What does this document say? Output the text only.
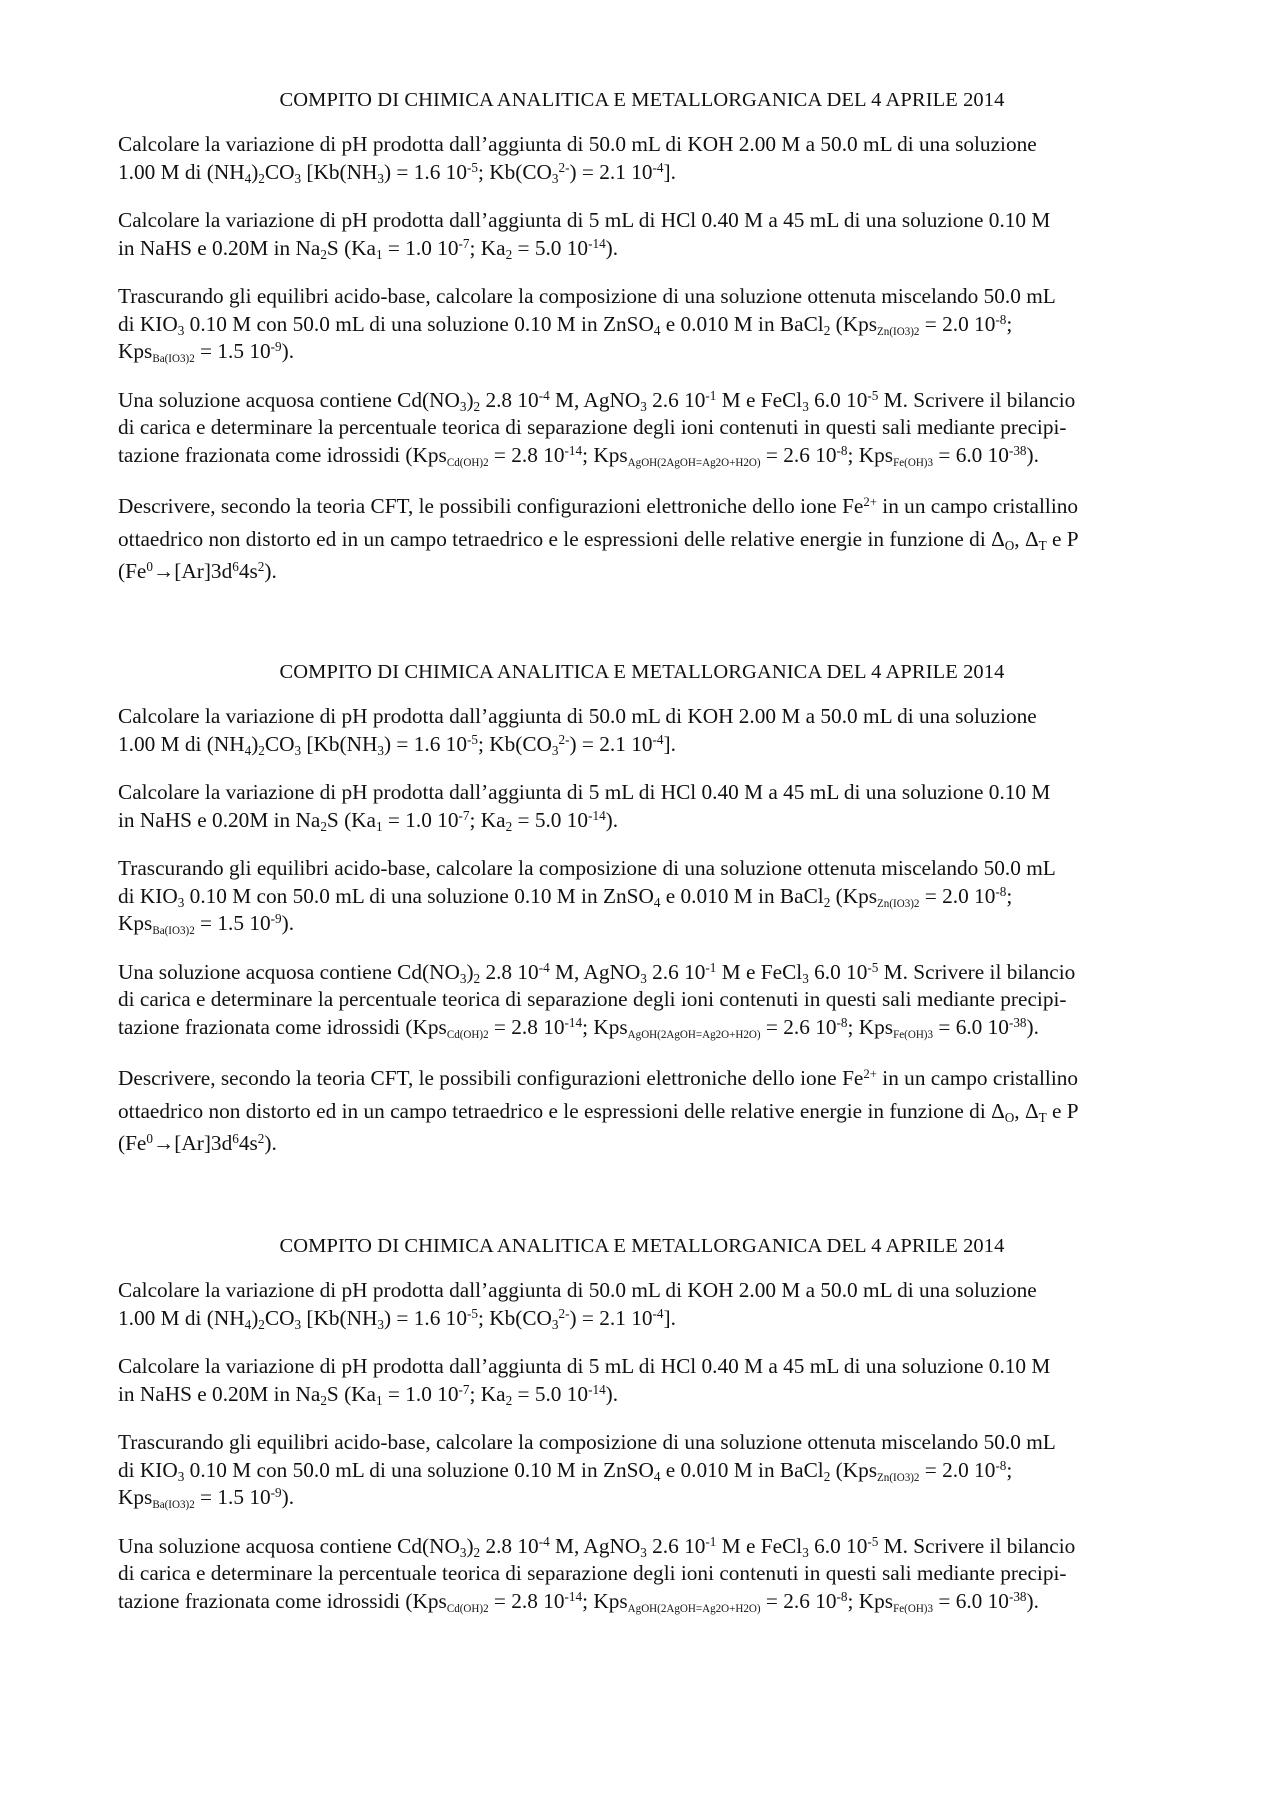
COMPITO DI CHIMICA ANALITICA E METALLORGANICA DEL 4 APRILE 2014

Calcolare la variazione di pH prodotta dall’aggiunta di 50.0 mL di KOH 2.00 M a 50.0 mL di una soluzione
1.00 M di $(NH_4)_2CO_3$ [$Kb(NH_3) = 1.6$ $10^{-5}$; $Kb(CO_3^{2-}) = 2.1$ $10^{-4}$].

Calcolare la variazione di pH prodotta dall’aggiunta di 5 mL di HCl 0.40 M a 45 mL di una soluzione 0.10 M
in NaHS e 0.20M in $Na_2S$ ($Ka_1 = 1.0$ $10^{-7}$; $Ka_2 = 5.0$ $10^{-14}$).

Trascurando gli equilibri acido-base, calcolare la composizione di una soluzione ottenuta miscelando 50.0 mL
di $KIO_3$ 0.10 M con 50.0 mL di una soluzione 0.10 M in ZnSO$_4$ e 0.010 M in BaCl$_2$ (KpsZn(IO3)2 = 2.0 $10^{-8}$;
KpsBa(IO3)2 = 1.5 $10^{-9}$).

Una soluzione acquosa contiene $Cd(NO_3)_2$ 2.8 $10^{-4}$ M, AgNO$_3$ 2.6 $10^{-1}$ M e FeCl$_3$ 6.0 $10^{-5}$ M. Scrivere il bilancio
di carica e determinare la percentuale teorica di separazione degli ioni contenuti in questi sali mediante precipi-
tazione frazionata come idrossidi (KpsCd(OH)2 = 2.8 $10^{-14}$; KpsAgOH(2AgOH=Ag2O+H2O) = 2.6 $10^{-8}$; KpsFe(OH)3 = 6.0 $10^{-38}$).

Descrivere, secondo la teoria CFT, le possibili configurazioni elettroniche dello ione $Fe^{2+}$ in un campo cristallino
ottaedrico non distorto ed in un campo tetraedrico e le espressioni delle relative energie in funzione di $\Delta_O$, $\Delta_T$ e P
$(Fe^0\to[Ar]3d^64s^2)$.

COMPITO DI CHIMICA ANALITICA E METALLORGANICA DEL 4 APRILE 2014

Calcolare la variazione di pH prodotta dall’aggiunta di 50.0 mL di KOH 2.00 M a 50.0 mL di una soluzione
1.00 M di $(NH_4)_2CO_3$ [$Kb(NH_3) = 1.6$ $10^{-5}$; $Kb(CO_3^{2-}) = 2.1$ $10^{-4}$].

Calcolare la variazione di pH prodotta dall’aggiunta di 5 mL di HCl 0.40 M a 45 mL di una soluzione 0.10 M
in NaHS e 0.20M in $Na_2S$ ($Ka_1 = 1.0$ $10^{-7}$; $Ka_2 = 5.0$ $10^{-14}$).

Trascurando gli equilibri acido-base, calcolare la composizione di una soluzione ottenuta miscelando 50.0 mL
di $KIO_3$ 0.10 M con 50.0 mL di una soluzione 0.10 M in ZnSO$_4$ e 0.010 M in BaCl$_2$ (KpsZn(IO3)2 = 2.0 $10^{-8}$;
KpsBa(IO3)2 = 1.5 $10^{-9}$).

Una soluzione acquosa contiene $Cd(NO_3)_2$ 2.8 $10^{-4}$ M, AgNO$_3$ 2.6 $10^{-1}$ M e FeCl$_3$ 6.0 $10^{-5}$ M. Scrivere il bilancio
di carica e determinare la percentuale teorica di separazione degli ioni contenuti in questi sali mediante precipi-
tazione frazionata come idrossidi (KpsCd(OH)2 = 2.8 $10^{-14}$; KpsAgOH(2AgOH=Ag2O+H2O) = 2.6 $10^{-8}$; KpsFe(OH)3 = 6.0 $10^{-38}$).

Descrivere, secondo la teoria CFT, le possibili configurazioni elettroniche dello ione $Fe^{2+}$ in un campo cristallino
ottaedrico non distorto ed in un campo tetraedrico e le espressioni delle relative energie in funzione di $\Delta_O$, $\Delta_T$ e P
$(Fe^0\to[Ar]3d^64s^2)$.

COMPITO DI CHIMICA ANALITICA E METALLORGANICA DEL 4 APRILE 2014

Calcolare la variazione di pH prodotta dall’aggiunta di 50.0 mL di KOH 2.00 M a 50.0 mL di una soluzione
1.00 M di $(NH_4)_2CO_3$ [$Kb(NH_3) = 1.6$ $10^{-5}$; $Kb(CO_3^{2-}) = 2.1$ $10^{-4}$].

Calcolare la variazione di pH prodotta dall’aggiunta di 5 mL di HCl 0.40 M a 45 mL di una soluzione 0.10 M
in NaHS e 0.20M in $Na_2S$ ($Ka_1 = 1.0$ $10^{-7}$; $Ka_2 = 5.0$ $10^{-14}$).

Trascurando gli equilibri acido-base, calcolare la composizione di una soluzione ottenuta miscelando 50.0 mL
di $KIO_3$ 0.10 M con 50.0 mL di una soluzione 0.10 M in ZnSO$_4$ e 0.010 M in BaCl$_2$ (KpsZn(IO3)2 = 2.0 $10^{-8}$;
KpsBa(IO3)2 = 1.5 $10^{-9}$).

Una soluzione acquosa contiene $Cd(NO_3)_2$ 2.8 $10^{-4}$ M, AgNO$_3$ 2.6 $10^{-1}$ M e FeCl$_3$ 6.0 $10^{-5}$ M. Scrivere il bilancio
di carica e determinare la percentuale teorica di separazione degli ioni contenuti in questi sali mediante precipi-
tazione frazionata come idrossidi (KpsCd(OH)2 = 2.8 $10^{-14}$; KpsAgOH(2AgOH=Ag2O+H2O) = 2.6 $10^{-8}$; KpsFe(OH)3 = 6.0 $10^{-38}$).
